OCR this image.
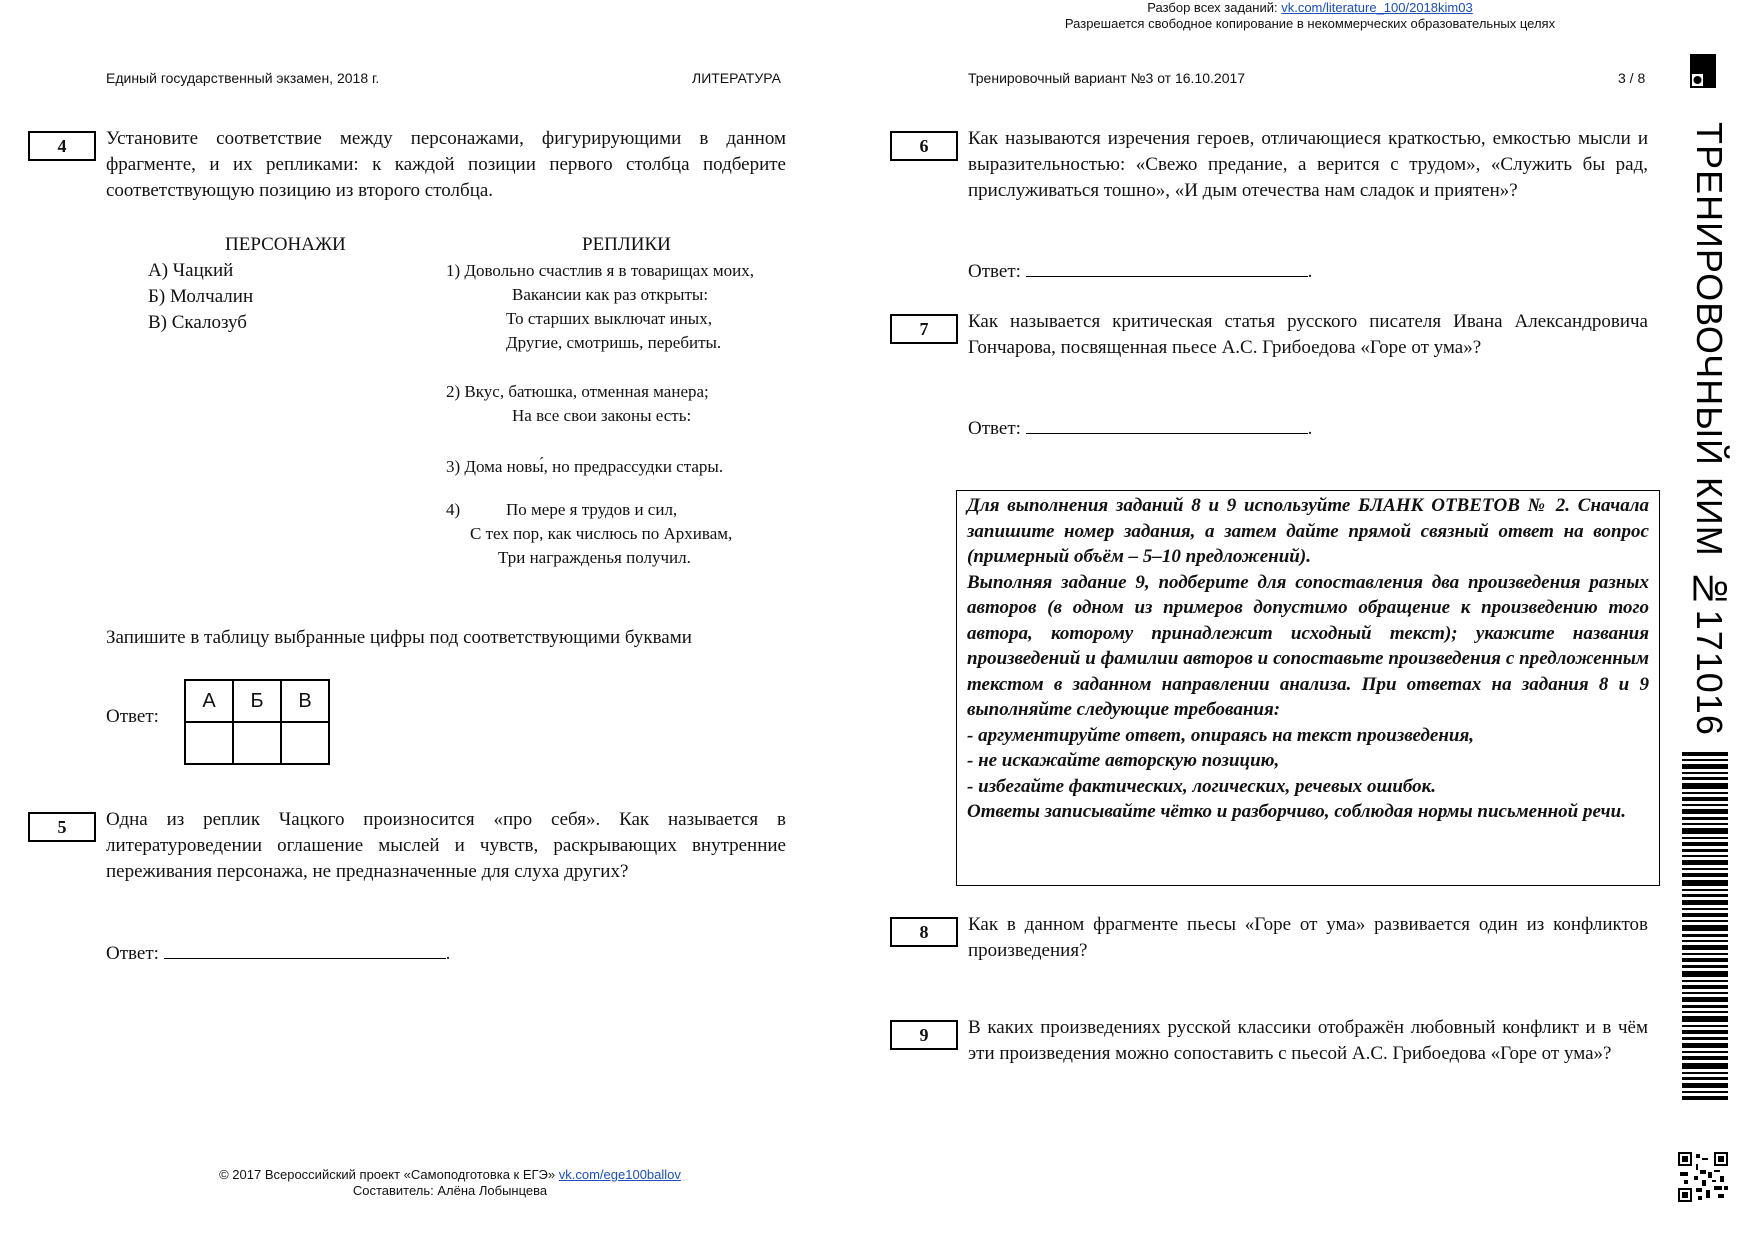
Единый государственный экзамен, 2018 г.	ЛИТЕРАТУРА	Тренировочный вариант №3 от 16.10.2017	3 / 8
ТРЕНИРОВОЧНЫЙ КИМ №171016
4	Установите соответствие между персонажами, фигурирующими в данном фрагменте, и их репликами: к каждой позиции первого столбца подберите соответствующую позицию из второго столбца.
ПЕРСОНАЖИ	РЕПЛИКИ
А) Чацкий
Б) Молчалин
В) Скалозуб
1) Довольно счастлив я в товарищах моих,
Вакансии как раз открыты:
То старших выключат иных,
Другие, смотришь, перебиты.
2) Вкус, батюшка, отменная манера;
На все свои законы есть:
3) Дома новы́, но предрассудки стары.
4)	По мере я трудов и сил,
С тех пор, как числюсь по Архивам,
Три награжденья получил.
Запишите в таблицу выбранные цифры под соответствующими буквами
Ответ:
А	Б	В

5	Одна из реплик Чацкого произносится «про себя». Как называется в литературоведении оглашение мыслей и чувств, раскрывающих внутренние переживания персонажа, не предназначенные для слуха других?
Ответ:	.
6	Как называются изречения героев, отличающиеся краткостью, емкостью мысли и выразительностью: «Свежо предание, а верится с трудом», «Служить бы рад, прислуживаться тошно», «И дым отечества нам сладок и приятен»?
Ответ:	.
7	Как называется критическая статья русского писателя Ивана Александровича Гончарова, посвященная пьесе А.С. Грибоедова «Горе от ума»?
Ответ:	.

Для выполнения заданий 8 и 9 используйте БЛАНК ОТВЕТОВ № 2. Сначала запишите номер задания, а затем дайте прямой связный ответ на вопрос (примерный объём – 5–10 предложений).

Выполняя задание 9, подберите для сопоставления два произведения разных авторов (в одном из примеров допустимо обращение к произведению того автора, которому принадлежит исходный текст); укажите названия произведений и фамилии авторов и сопоставьте произведения с предложенным текстом в заданном направлении анализа. При ответах на задания 8 и 9 выполняйте следующие требования:

- аргументируйте ответ, опираясь на текст произведения,

- не искажайте авторскую позицию,

- избегайте фактических, логических, речевых ошибок.

Ответы записывайте чётко и разборчиво, соблюдая нормы письменной речи.

8	Как в данном фрагменте пьесы «Горе от ума» развивается один из конфликтов произведения?
9	В каких произведениях русской классики отображён любовный конфликт и в чём эти произведения можно сопоставить с пьесой А.С. Грибоедова «Горе от ума»?
© 2017 Всероссийский проект «Самоподготовка к ЕГЭ» vk.com/ege100ballov
Составитель: Алёна Лобынцева
Разбор всех заданий: vk.com/literature_100/2018kim03
Разрешается свободное копирование в некоммерческих образовательных целях
